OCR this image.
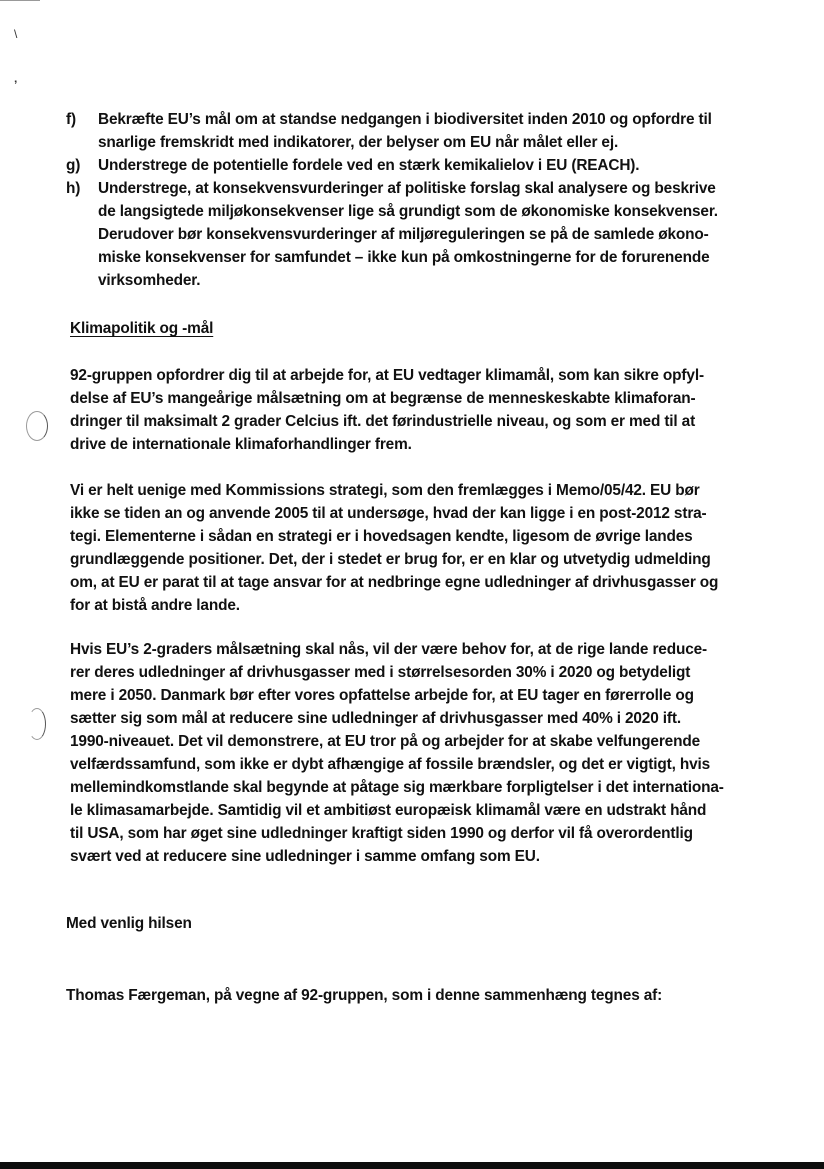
\
’
f) Bekræfte EU’s mål om at standse nedgangen i biodiversitet inden 2010 og opfordre til
snarlige fremskridt med indikatorer, der belyser om EU når målet eller ej.
g) Understrege de potentielle fordele ved en stærk kemikalielov i EU (REACH).
h) Understrege, at konsekvensvurderinger af politiske forslag skal analysere og beskrive
de langsigtede miljøkonsekvenser lige så grundigt som de økonomiske konsekvenser.
Derudover bør konsekvensvurderinger af miljøreguleringen se på de samlede økono-
miske konsekvenser for samfundet – ikke kun på omkostningerne for de forurenende
virksomheder.
Klimapolitik og -mål
92-gruppen opfordrer dig til at arbejde for, at EU vedtager klimamål, som kan sikre opfyl-
delse af EU’s mangeårige målsætning om at begrænse de menneskeskabte klimaforan-
dringer til maksimalt 2 grader Celcius ift. det førindustrielle niveau, og som er med til at
drive de internationale klimaforhandlinger frem.
Vi er helt uenige med Kommissions strategi, som den fremlægges i Memo/05/42. EU bør
ikke se tiden an og anvende 2005 til at undersøge, hvad der kan ligge i en post-2012 stra-
tegi. Elementerne i sådan en strategi er i hovedsagen kendte, ligesom de øvrige landes
grundlæggende positioner. Det, der i stedet er brug for, er en klar og utvetydig udmelding
om, at EU er parat til at tage ansvar for at nedbringe egne udledninger af drivhusgasser og
for at bistå andre lande.
Hvis EU’s 2-graders målsætning skal nås, vil der være behov for, at de rige lande reduce-
rer deres udledninger af drivhusgasser med i størrelsesorden 30% i 2020 og betydeligt
mere i 2050. Danmark bør efter vores opfattelse arbejde for, at EU tager en førerrolle og
sætter sig som mål at reducere sine udledninger af drivhusgasser med 40% i 2020 ift.
1990-niveauet. Det vil demonstrere, at EU tror på og arbejder for at skabe velfungerende
velfærdssamfund, som ikke er dybt afhængige af fossile brændsler, og det er vigtigt, hvis
mellemindkomstlande skal begynde at påtage sig mærkbare forpligtelser i det internationa-
le klimasamarbejde. Samtidig vil et ambitiøst europæisk klimamål være en udstrakt hånd
til USA, som har øget sine udledninger kraftigt siden 1990 og derfor vil få overordentlig
svært ved at reducere sine udledninger i samme omfang som EU.
Med venlig hilsen
Thomas Færgeman, på vegne af 92-gruppen, som i denne sammenhæng tegnes af:
